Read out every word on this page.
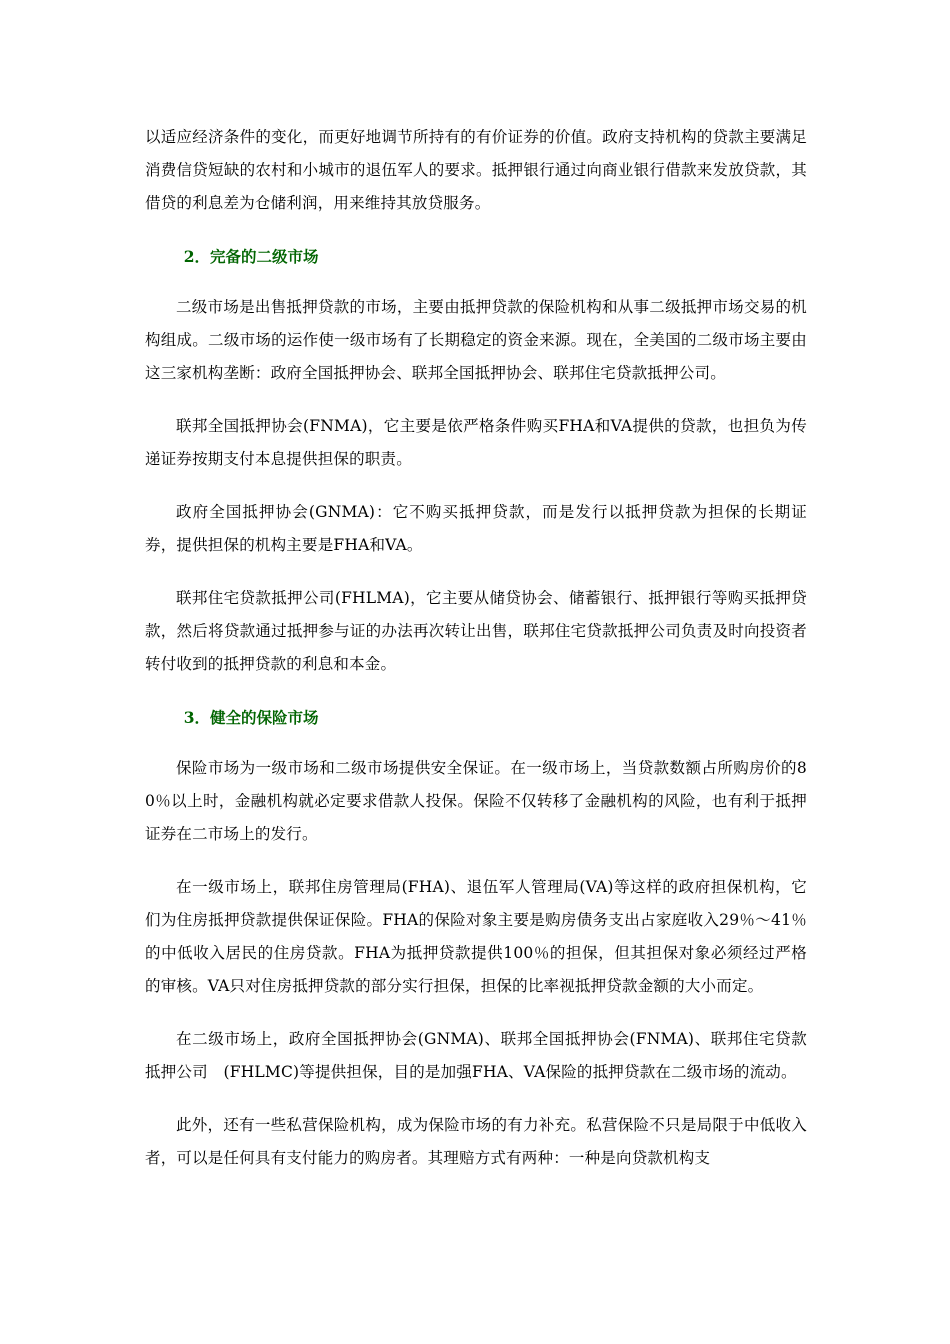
以适应经济条件的变化，而更好地调节所持有的有价证券的价值。政府支持机构的贷款主要满足消费信贷短缺的农村和小城市的退伍军人的要求。抵押银行通过向商业银行借款来发放贷款，其借贷的利息差为仓储利润，用来维持其放贷服务。

2．完备的二级市场

二级市场是出售抵押贷款的市场，主要由抵押贷款的保险机构和从事二级抵押市场交易的机构组成。二级市场的运作使一级市场有了长期稳定的资金来源。现在，全美国的二级市场主要由这三家机构垄断：政府全国抵押协会、联邦全国抵押协会、联邦住宅贷款抵押公司。

联邦全国抵押协会(FNMA)，它主要是依严格条件购买FHA和VA提供的贷款，也担负为传递证券按期支付本息提供担保的职责。

政府全国抵押协会(GNMA)：它不购买抵押贷款，而是发行以抵押贷款为担保的长期证券，提供担保的机构主要是FHA和VA。

联邦住宅贷款抵押公司(FHLMA)，它主要从储贷协会、储蓄银行、抵押银行等购买抵押贷款，然后将贷款通过抵押参与证的办法再次转让出售，联邦住宅贷款抵押公司负责及时向投资者转付收到的抵押贷款的利息和本金。

3．健全的保险市场

保险市场为一级市场和二级市场提供安全保证。在一级市场上，当贷款数额占所购房价的80％以上时，金融机构就必定要求借款人投保。保险不仅转移了金融机构的风险，也有利于抵押证券在二市场上的发行。

在一级市场上，联邦住房管理局(FHA)、退伍军人管理局(VA)等这样的政府担保机构，它们为住房抵押贷款提供保证保险。FHA的保险对象主要是购房债务支出占家庭收入29％～41％的中低收入居民的住房贷款。FHA为抵押贷款提供100％的担保，但其担保对象必须经过严格的审核。VA只对住房抵押贷款的部分实行担保，担保的比率视抵押贷款金额的大小而定。

在二级市场上，政府全国抵押协会(GNMA)、联邦全国抵押协会(FNMA)、联邦住宅贷款抵押公司　(FHLMC)等提供担保，目的是加强FHA、VA保险的抵押贷款在二级市场的流动。

此外，还有一些私营保险机构，成为保险市场的有力补充。私营保险不只是局限于中低收入者，可以是任何具有支付能力的购房者。其理赔方式有两种：一种是向贷款机构支
